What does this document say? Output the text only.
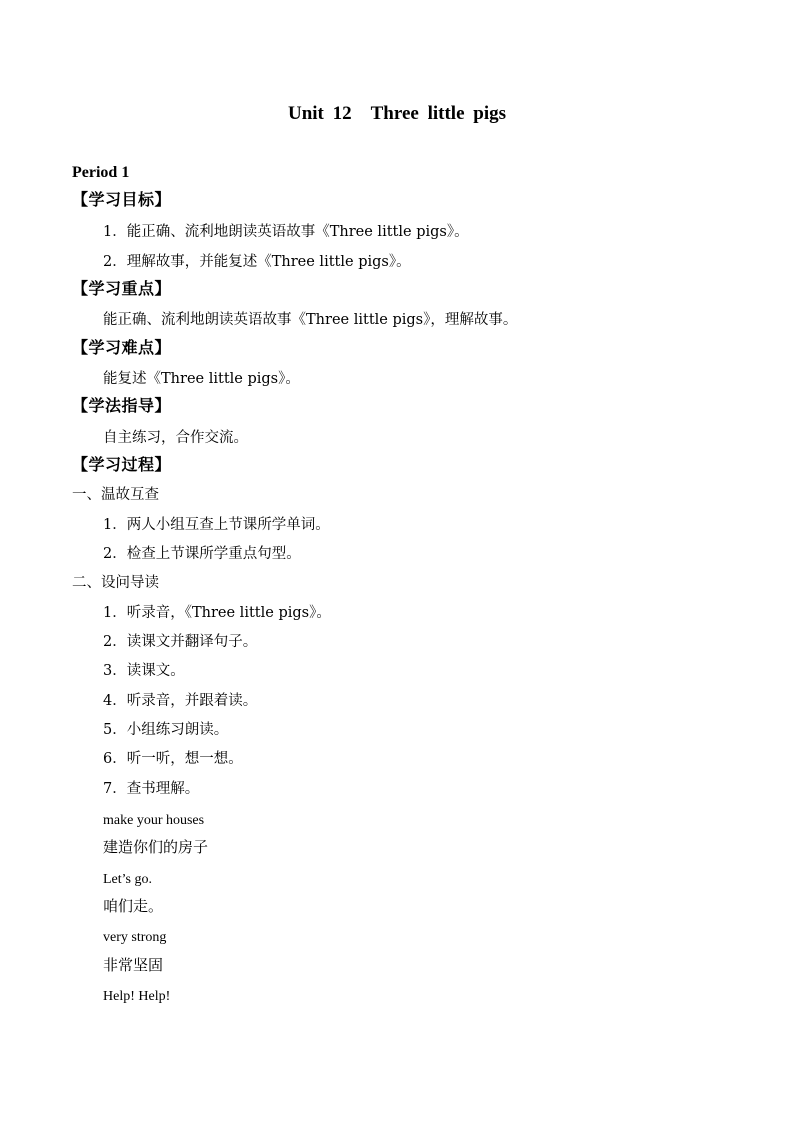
Unit 12　Three little pigs
Period 1
【学习目标】
1．能正确、流利地朗读英语故事《Three little pigs》。
2．理解故事，并能复述《Three little pigs》。
【学习重点】
能正确、流利地朗读英语故事《Three little pigs》，理解故事。
【学习难点】
能复述《Three little pigs》。
【学法指导】
自主练习，合作交流。
【学习过程】
一、温故互查
1．两人小组互查上节课所学单词。
2．检查上节课所学重点句型。
二、设问导读
1．听录音，《Three little pigs》。
2．读课文并翻译句子。
3．读课文。
4．听录音，并跟着读。
5．小组练习朗读。
6．听一听，想一想。
7．查书理解。
make your houses
建造你们的房子
Let’s go.
咱们走。
very strong
非常坚固
Help! Help!
